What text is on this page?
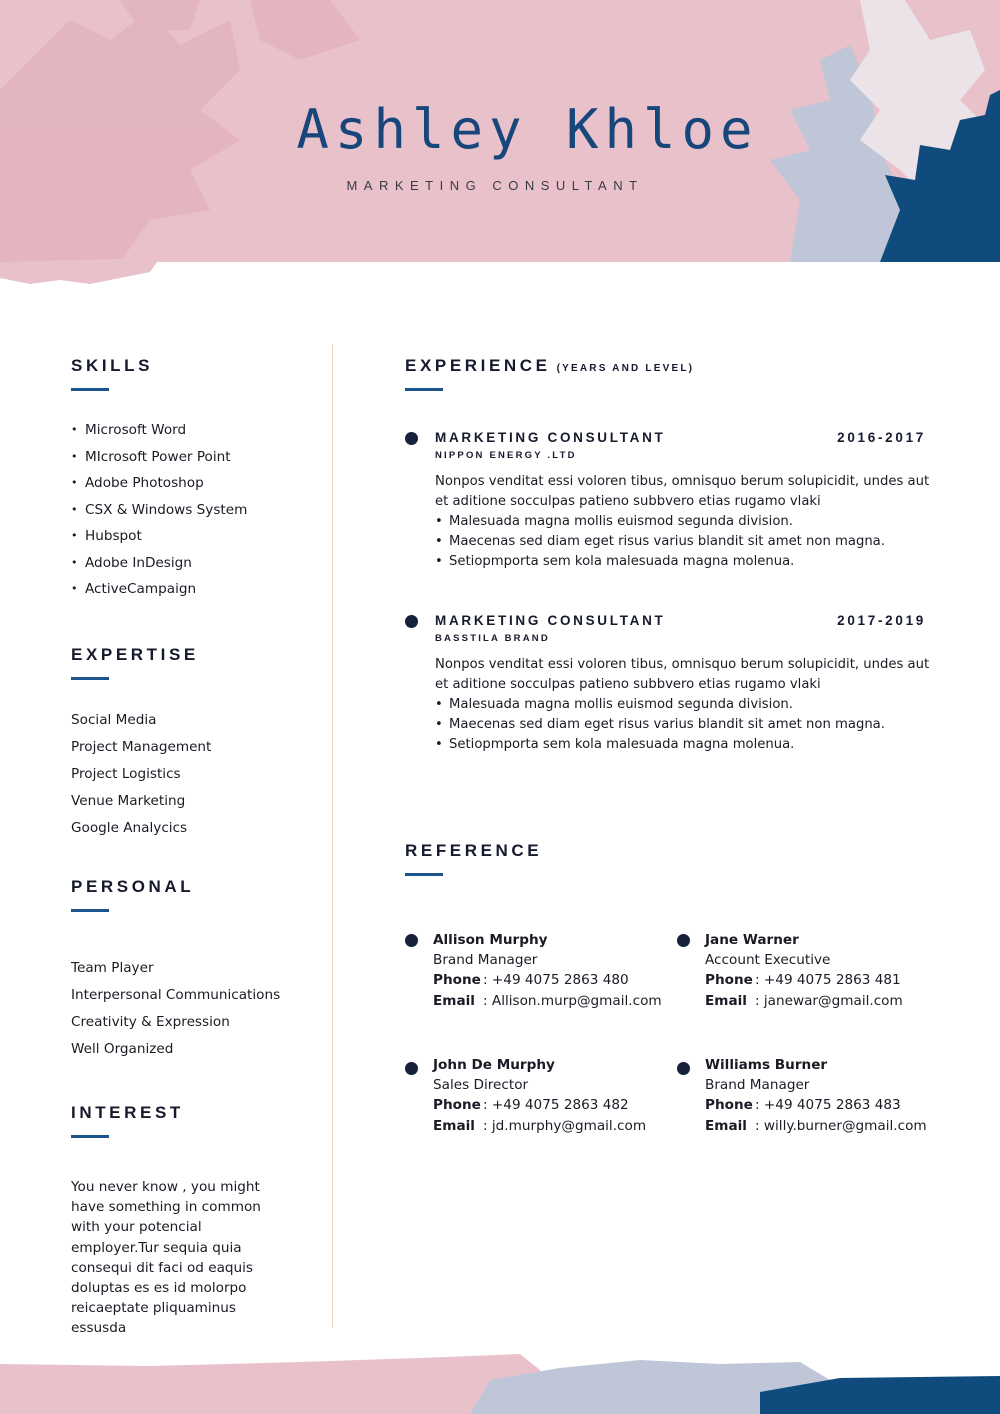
Ashley Khloe
MARKETING CONSULTANT
SKILLS
• Microsoft Word
• MIcrosoft Power Point
• Adobe Photoshop
• CSX & Windows System
• Hubspot
• Adobe InDesign
• ActiveCampaign
EXPERTISE
Social Media
Project Management
Project Logistics
Venue Marketing
Google Analycics
PERSONAL
Team Player
Interpersonal Communications
Creativity & Expression
Well Organized
INTEREST
You never know , you might have something in common with your potencial employer.Tur sequia quia consequi dit faci od eaquis doluptas es es id molorpo reicaeptate pliquaminus essusda
EXPERIENCE (YEARS AND LEVEL)
MARKETING CONSULTANT	2016-2017
NIPPON ENERGY .LTD
Nonpos venditat essi voloren tibus, omnisquo berum solupicidit, undes aut et aditione socculpas patieno subbvero etias rugamo vlaki
• Malesuada magna mollis euismod segunda division.
• Maecenas sed diam eget risus varius blandit sit amet non magna.
• Setiopmporta sem kola malesuada magna molenua.
MARKETING CONSULTANT	2017-2019
BASSTILA BRAND
Nonpos venditat essi voloren tibus, omnisquo berum solupicidit, undes aut et aditione socculpas patieno subbvero etias rugamo vlaki
• Malesuada magna mollis euismod segunda division.
• Maecenas sed diam eget risus varius blandit sit amet non magna.
• Setiopmporta sem kola malesuada magna molenua.
REFERENCE
Allison Murphy
Brand Manager
Phone : +49 4075 2863 480
Email : Allison.murp@gmail.com
Jane Warner
Account Executive
Phone : +49 4075 2863 481
Email : janewar@gmail.com
John De Murphy
Sales Director
Phone : +49 4075 2863 482
Email : jd.murphy@gmail.com
Williams Burner
Brand Manager
Phone : +49 4075 2863 483
Email : willy.burner@gmail.com
